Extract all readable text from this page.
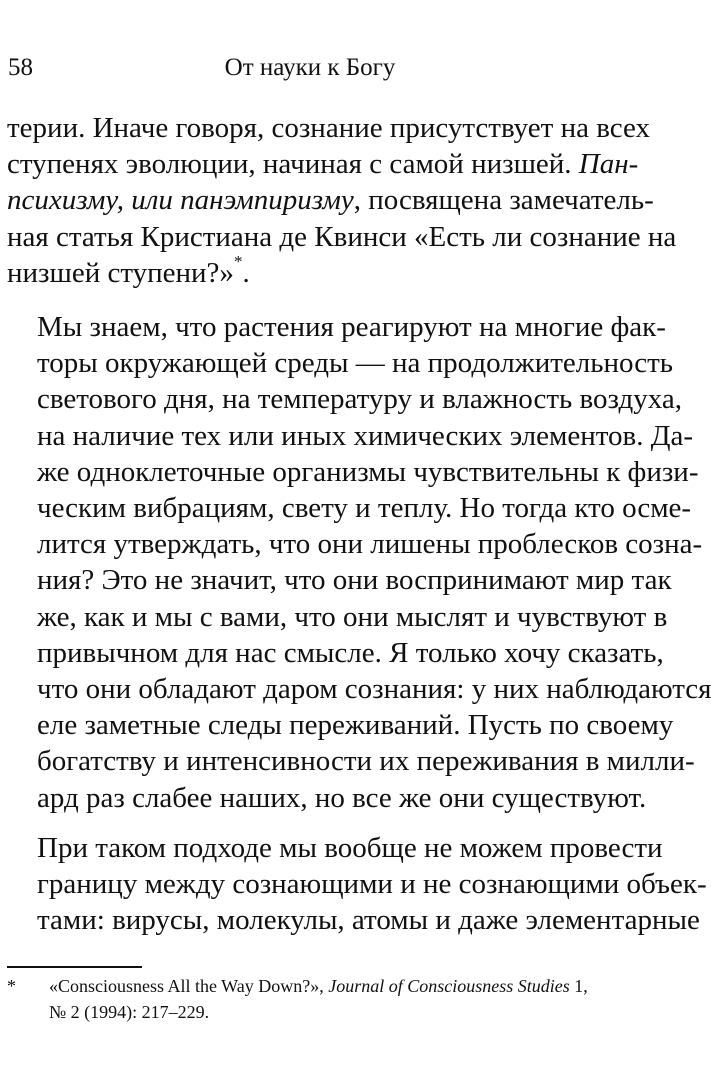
58	От науки к Богу

терии. Иначе говоря, сознание присутствует на всех
ступенях эволюции, начиная с самой низшей. Пан-
психизму, или панэмпиризму, посвящена замечатель-
ная статья Кристиана де Квинси «Есть ли сознание на
низшей ступени?»*.

Мы знаем, что растения реагируют на многие фак-
торы окружающей среды — на продолжительность
светового дня, на температуру и влажность воздуха,
на наличие тех или иных химических элементов. Да-
же одноклеточные организмы чувствительны к физи-
ческим вибрациям, свету и теплу. Но тогда кто осме-
лится утверждать, что они лишены проблесков созна-
ния? Это не значит, что они воспринимают мир так
же, как и мы с вами, что они мыслят и чувствуют в
привычном для нас смысле. Я только хочу сказать,
что они обладают даром сознания: у них наблюдаются
еле заметные следы переживаний. Пусть по своему
богатству и интенсивности их переживания в милли-
ард раз слабее наших, но все же они существуют.

При таком подходе мы вообще не можем провести
границу между сознающими и не сознающими объек-
тами: вирусы, молекулы, атомы и даже элементарные

* «Consciousness All the Way Down?», Journal of Consciousness Studies 1,
№ 2 (1994): 217–229.
